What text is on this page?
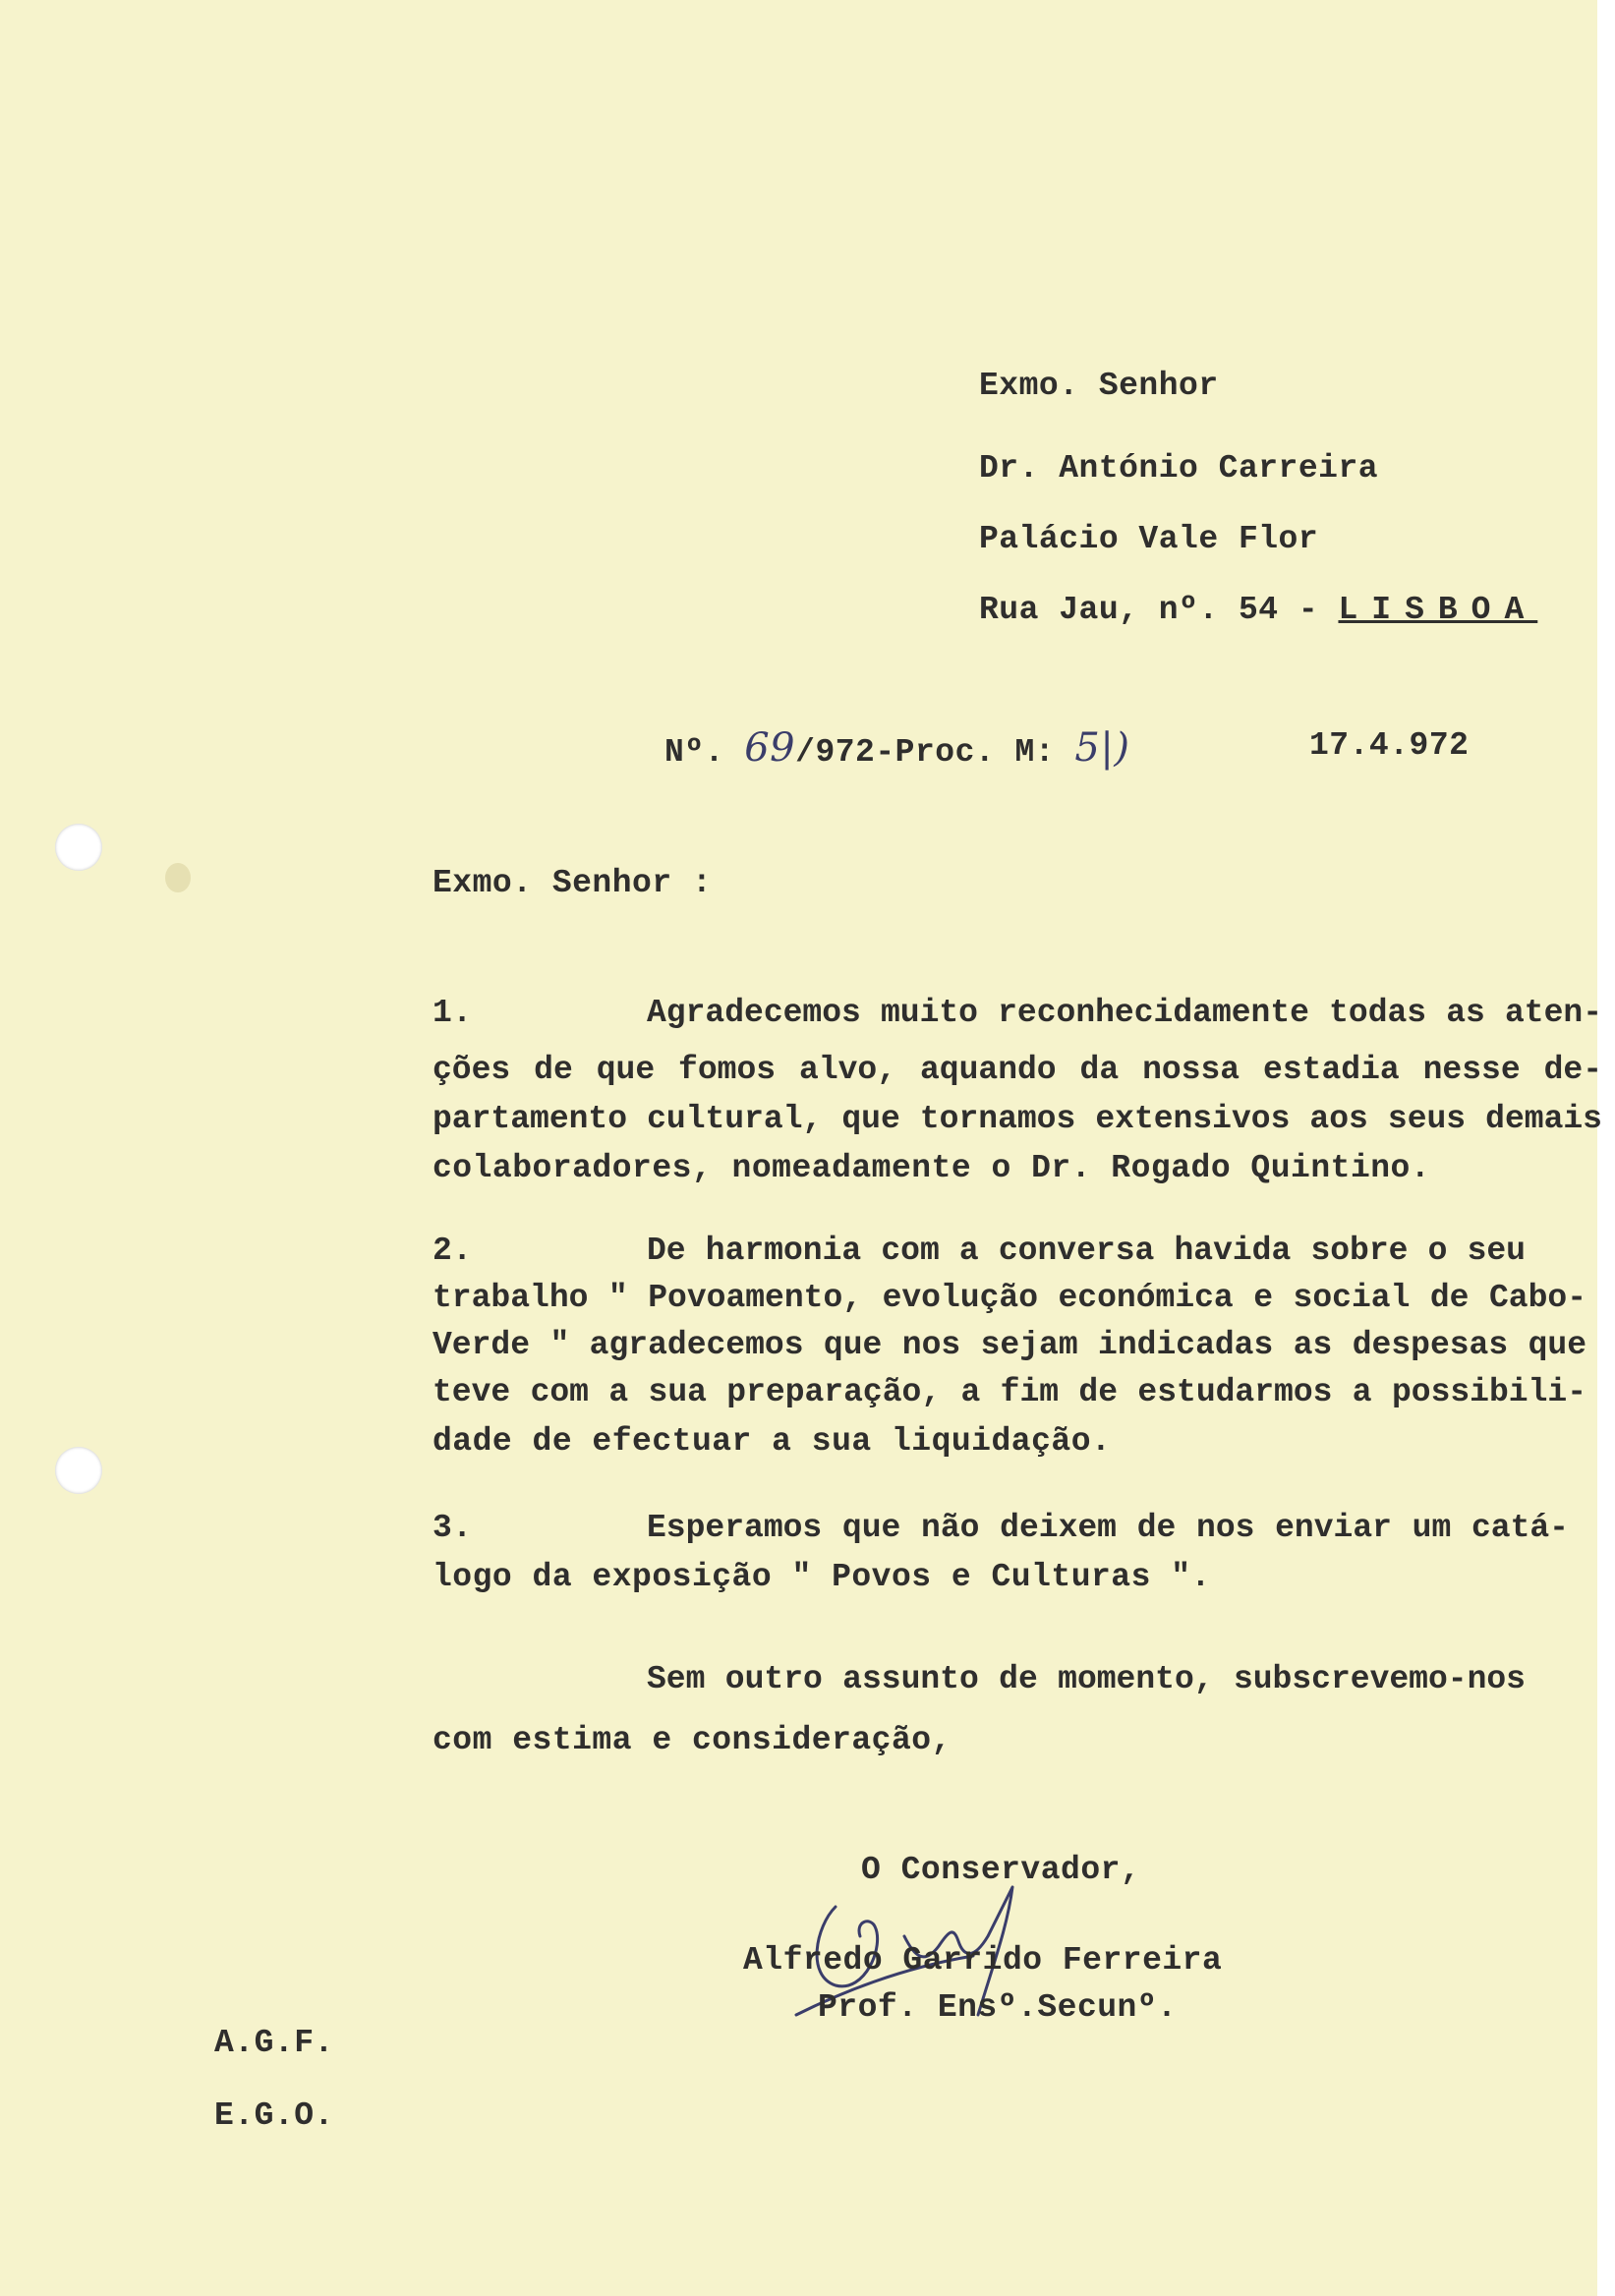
Exmo. Senhor
Dr. António Carreira
Palácio Vale Flor
Rua Jau, nº. 54 - LISBOA
Nº. 69/972-Proc. M: 5|)	17.4.972
Exmo. Senhor :
1.	Agradecemos muito reconhecidamente todas as aten-
ções de que fomos alvo, aquando da nossa estadia nesse de-
partamento cultural, que tornamos extensivos aos seus demais
colaboradores, nomeadamente o Dr. Rogado Quintino.
2.	De harmonia com a conversa havida sobre o seu
trabalho " Povoamento, evolução económica e social de Cabo-
Verde " agradecemos que nos sejam indicadas as despesas que
teve com a sua preparação, a fim de estudarmos a possibili-
dade de efectuar a sua liquidação.
3.	Esperamos que não deixem de nos enviar um catá-
logo da exposição " Povos e Culturas ".
Sem outro assunto de momento, subscrevemo-nos
com estima e consideração,
O Conservador,
Alfredo Garrido Ferreira
Prof. Ensº.Secunº.
A.G.F.
E.G.O.
